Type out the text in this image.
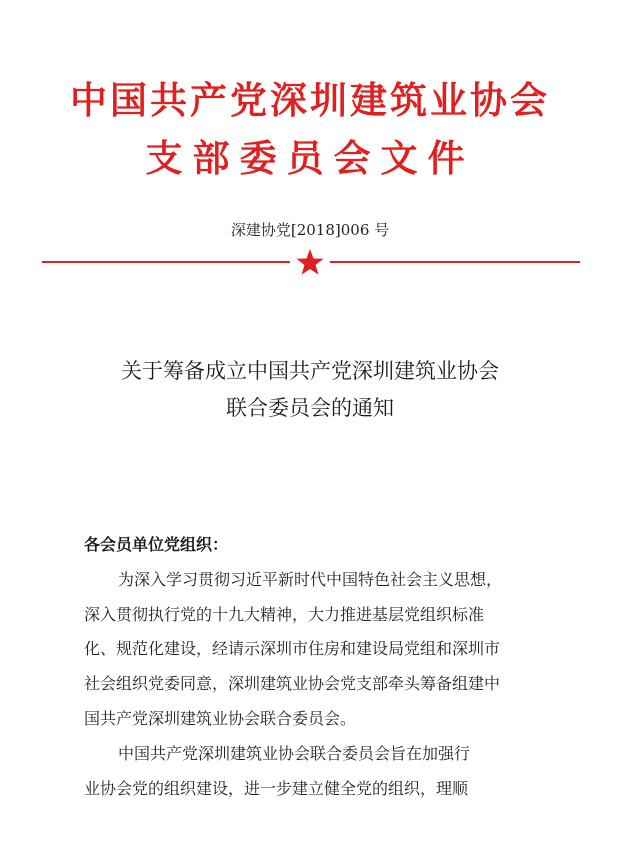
中国共产党深圳建筑业协会
支部委员会文件
深建协党[2018]006 号
关于筹备成立中国共产党深圳建筑业协会
联合委员会的通知
各会员单位党组织：
为深入学习贯彻习近平新时代中国特色社会主义思想，
深入贯彻执行党的十九大精神，大力推进基层党组织标准
化、规范化建设，经请示深圳市住房和建设局党组和深圳市
社会组织党委同意，深圳建筑业协会党支部牵头筹备组建中
国共产党深圳建筑业协会联合委员会。
中国共产党深圳建筑业协会联合委员会旨在加强行
业协会党的组织建设，进一步建立健全党的组织，理顺
